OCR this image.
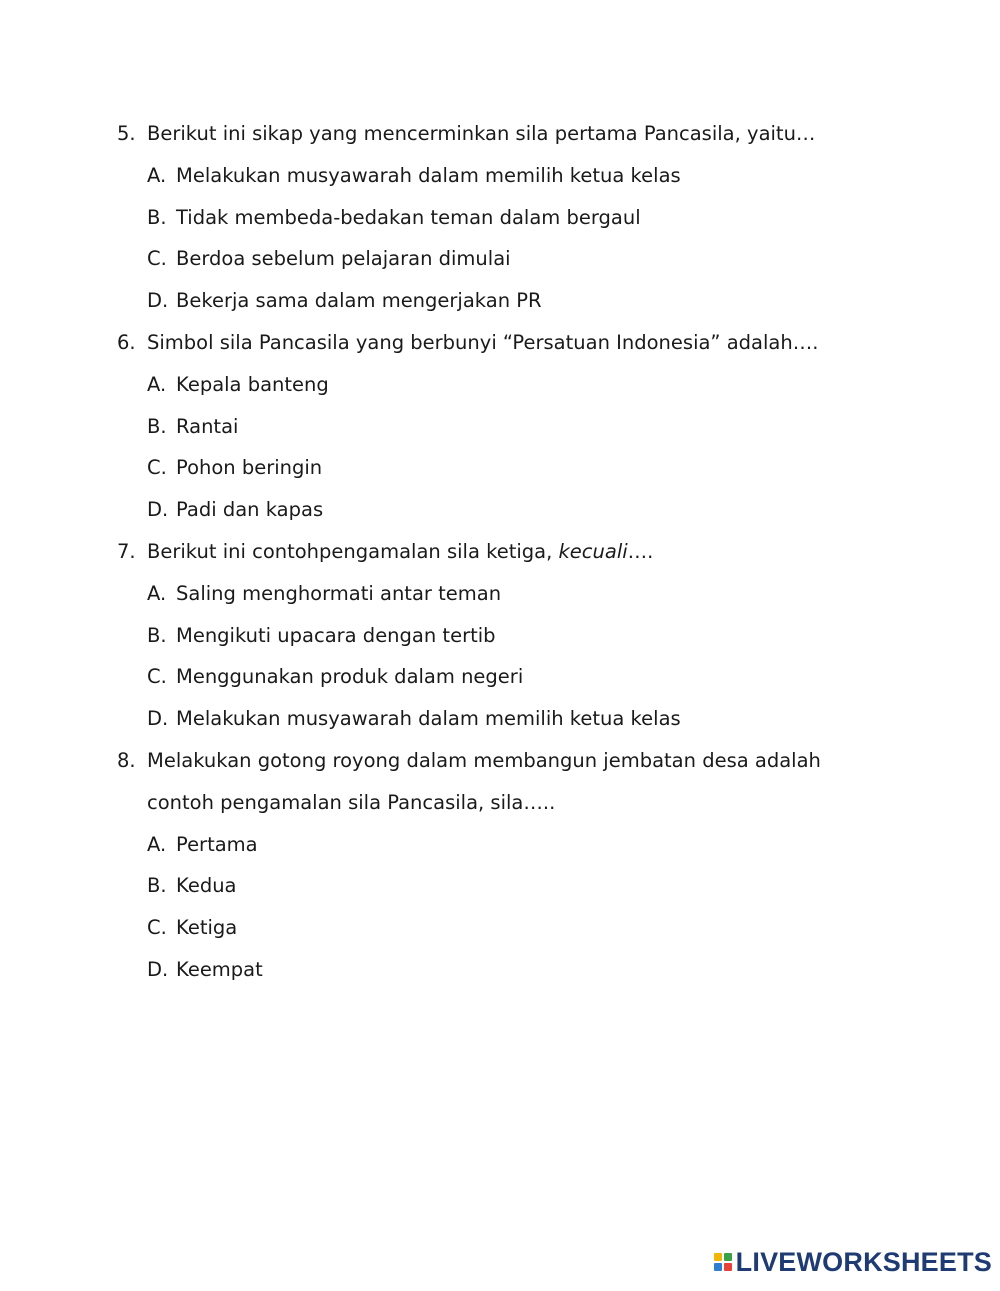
5. Berikut ini sikap yang mencerminkan sila pertama Pancasila, yaitu…
A. Melakukan musyawarah dalam memilih ketua kelas
B. Tidak membeda-bedakan teman dalam bergaul
C. Berdoa sebelum pelajaran dimulai
D. Bekerja sama dalam mengerjakan PR
6. Simbol sila Pancasila yang berbunyi “Persatuan Indonesia” adalah….
A. Kepala banteng
B. Rantai
C. Pohon beringin
D. Padi dan kapas
7. Berikut ini contohpengamalan sila ketiga, kecuali….
A. Saling menghormati antar teman
B. Mengikuti upacara dengan tertib
C. Menggunakan produk dalam negeri
D. Melakukan musyawarah dalam memilih ketua kelas
8. Melakukan gotong royong dalam membangun jembatan desa adalah
contoh pengamalan sila Pancasila, sila…..
A. Pertama
B. Kedua
C. Ketiga
D. Keempat
LIVEWORKSHEETS
